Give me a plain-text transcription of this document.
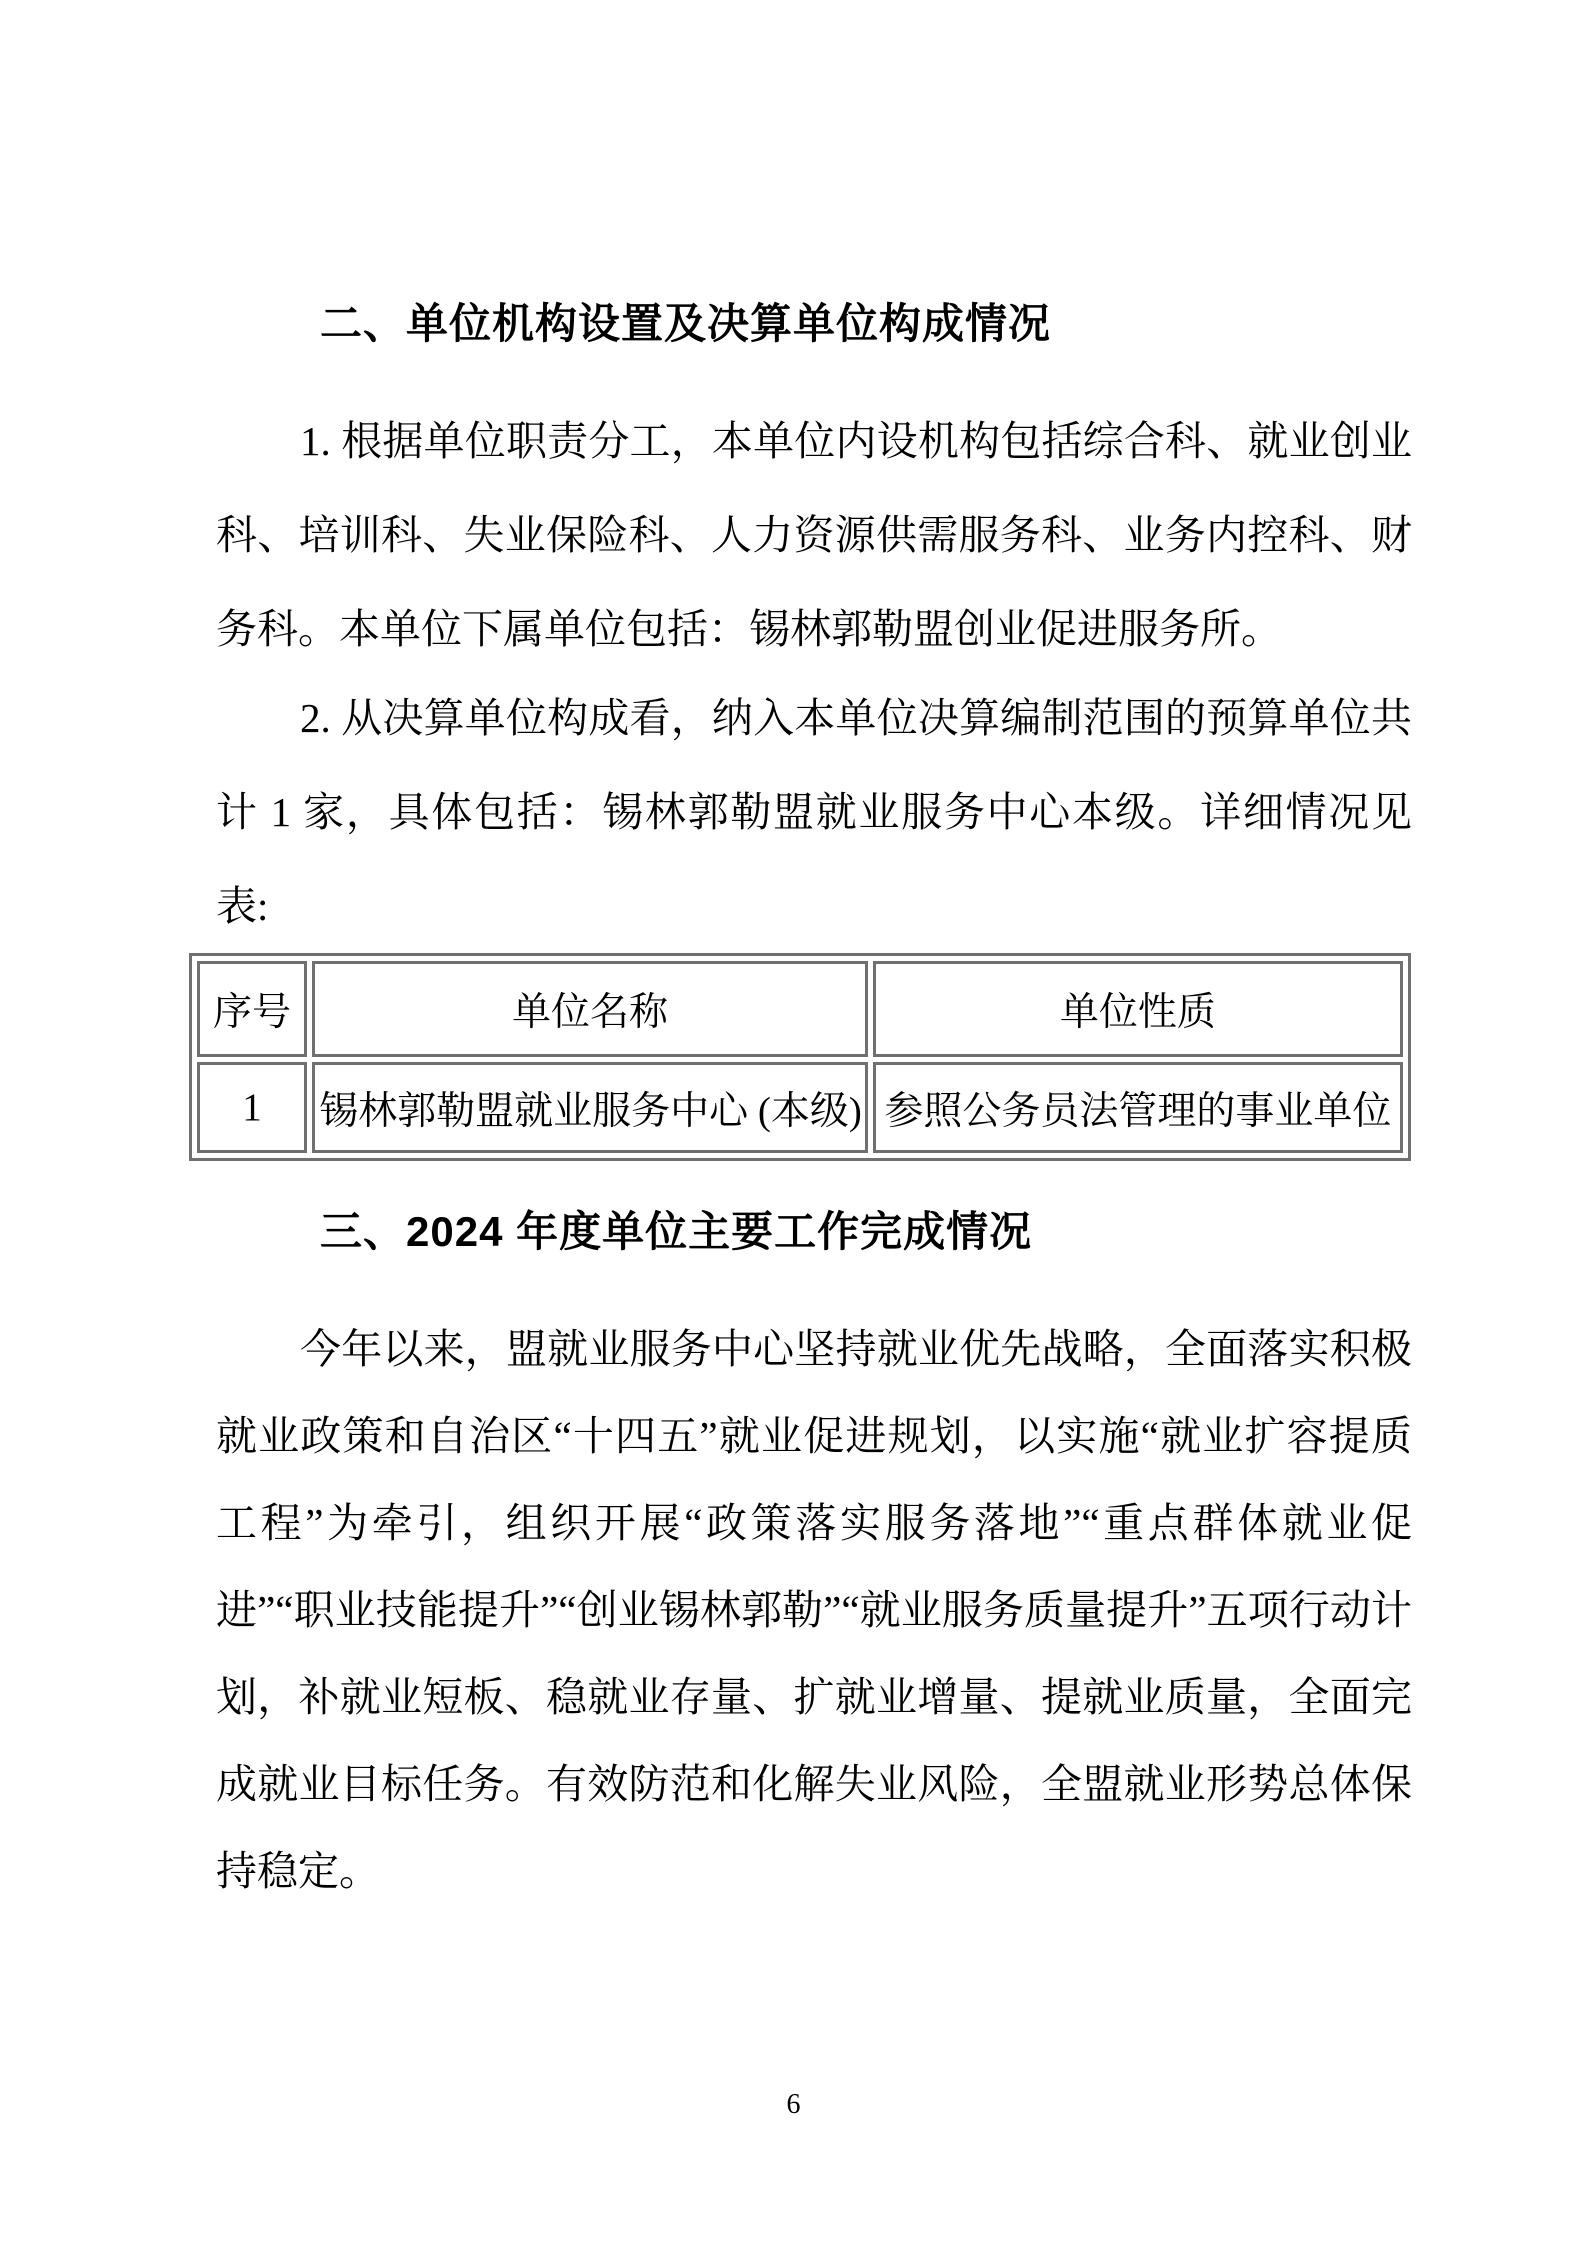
二、单位机构设置及决算单位构成情况

1. 根据单位职责分工，本单位内设机构包括综合科、就业创业科、培训科、失业保险科、人力资源供需服务科、业务内控科、财务科。本单位下属单位包括：锡林郭勒盟创业促进服务所。

2. 从决算单位构成看，纳入本单位决算编制范围的预算单位共计 1 家，具体包括：锡林郭勒盟就业服务中心本级。详细情况见表:

序号	单位名称	单位性质
1	锡林郭勒盟就业服务中心 (本级)	参照公务员法管理的事业单位
三、2024 年度单位主要工作完成情况

今年以来，盟就业服务中心坚持就业优先战略，全面落实积极就业政策和自治区“十四五”就业促进规划，以实施“就业扩容提质工程”为牵引，组织开展“政策落实服务落地”“重点群体就业促进”“职业技能提升”“创业锡林郭勒”“就业服务质量提升”五项行动计划，补就业短板、稳就业存量、扩就业增量、提就业质量，全面完成就业目标任务。有效防范和化解失业风险，全盟就业形势总体保持稳定。

6
